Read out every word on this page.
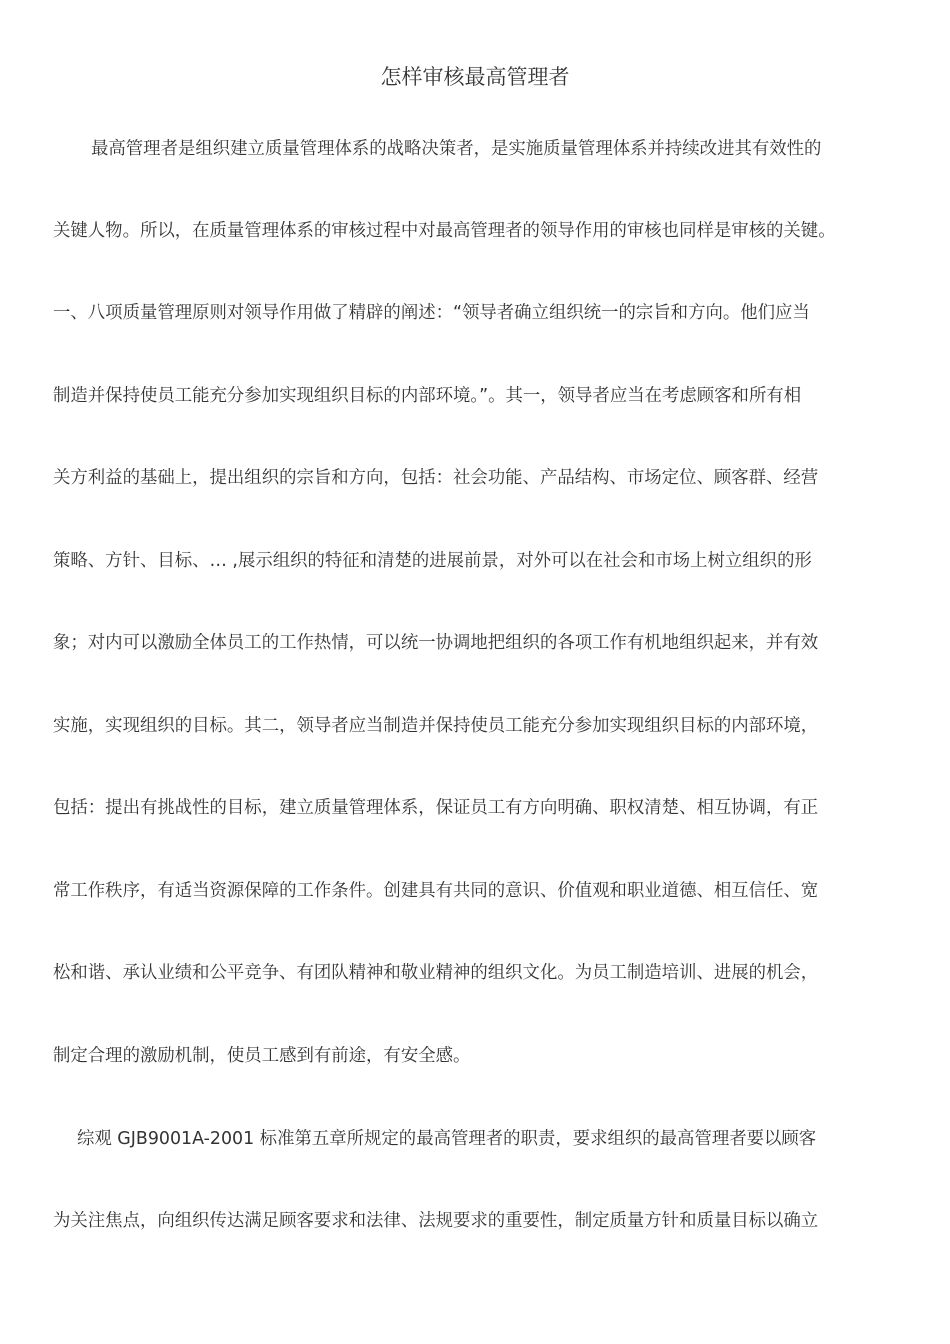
怎样审核最高管理者
最高管理者是组织建立质量管理体系的战略决策者，是实施质量管理体系并持续改进其有效性的
关键人物。所以，在质量管理体系的审核过程中对最高管理者的领导作用的审核也同样是审核的关键。
一、八项质量管理原则对领导作用做了精辟的阐述：“领导者确立组织统一的宗旨和方向。他们应当
制造并保持使员工能充分参加实现组织目标的内部环境。”。其一，领导者应当在考虑顾客和所有相
关方利益的基础上，提出组织的宗旨和方向，包括：社会功能、产品结构、市场定位、顾客群、经营
策略、方针、目标、… ,展示组织的特征和清楚的进展前景，对外可以在社会和市场上树立组织的形
象；对内可以激励全体员工的工作热情，可以统一协调地把组织的各项工作有机地组织起来，并有效
实施，实现组织的目标。其二，领导者应当制造并保持使员工能充分参加实现组织目标的内部环境，
包括：提出有挑战性的目标，建立质量管理体系，保证员工有方向明确、职权清楚、相互协调，有正
常工作秩序，有适当资源保障的工作条件。创建具有共同的意识、价值观和职业道德、相互信任、宽
松和谐、承认业绩和公平竞争、有团队精神和敬业精神的组织文化。为员工制造培训、进展的机会，
制定合理的激励机制，使员工感到有前途，有安全感。
综观 GJB9001A-2001 标准第五章所规定的最高管理者的职责，要求组织的最高管理者要以顾客
为关注焦点，向组织传达满足顾客要求和法律、法规要求的重要性，制定质量方针和质量目标以确立
